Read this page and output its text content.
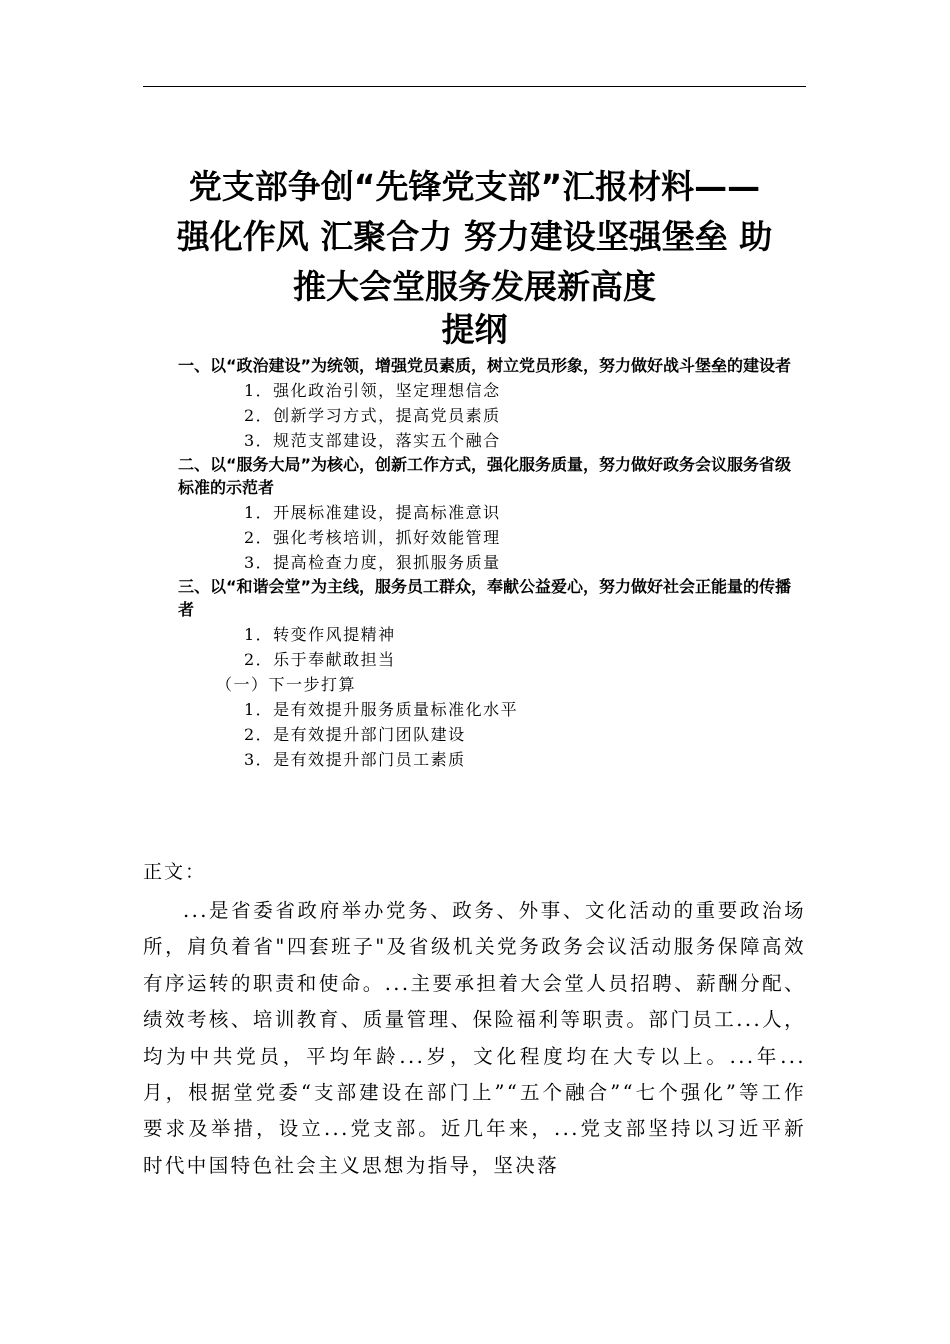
党支部争创“先锋党支部”汇报材料——
强化作风 汇聚合力 努力建设坚强堡垒 助
推大会堂服务发展新高度
提纲

一、以“政治建设”为统领，增强党员素质，树立党员形象，努力做好战斗堡垒的建设者

1．强化政治引领，坚定理想信念
2．创新学习方式，提高党员素质
3．规范支部建设，落实五个融合

二、以“服务大局”为核心，创新工作方式，强化服务质量，努力做好政务会议服务省级标准的示范者

1．开展标准建设，提高标准意识
2．强化考核培训，抓好效能管理
3．提高检查力度，狠抓服务质量

三、以“和谐会堂”为主线，服务员工群众，奉献公益爱心，努力做好社会正能量的传播者

1．转变作风提精神
2．乐于奉献敢担当
（一）下一步打算
1．是有效提升服务质量标准化水平
2．是有效提升部门团队建设
3．是有效提升部门员工素质
正文：

...是省委省政府举办党务、政务、外事、文化活动的重要政治场所，肩负着省"四套班子"及省级机关党务政务会议活动服务保障高效有序运转的职责和使命。...主要承担着大会堂人员招聘、薪酬分配、绩效考核、培训教育、质量管理、保险福利等职责。部门员工...人，均为中共党员，平均年龄...岁，文化程度均在大专以上。...年...月，根据堂党委“支部建设在部门上”“五个融合”“七个强化”等工作要求及举措，设立...党支部。近几年来，...党支部坚持以习近平新时代中国特色社会主义思想为指导，坚决落
